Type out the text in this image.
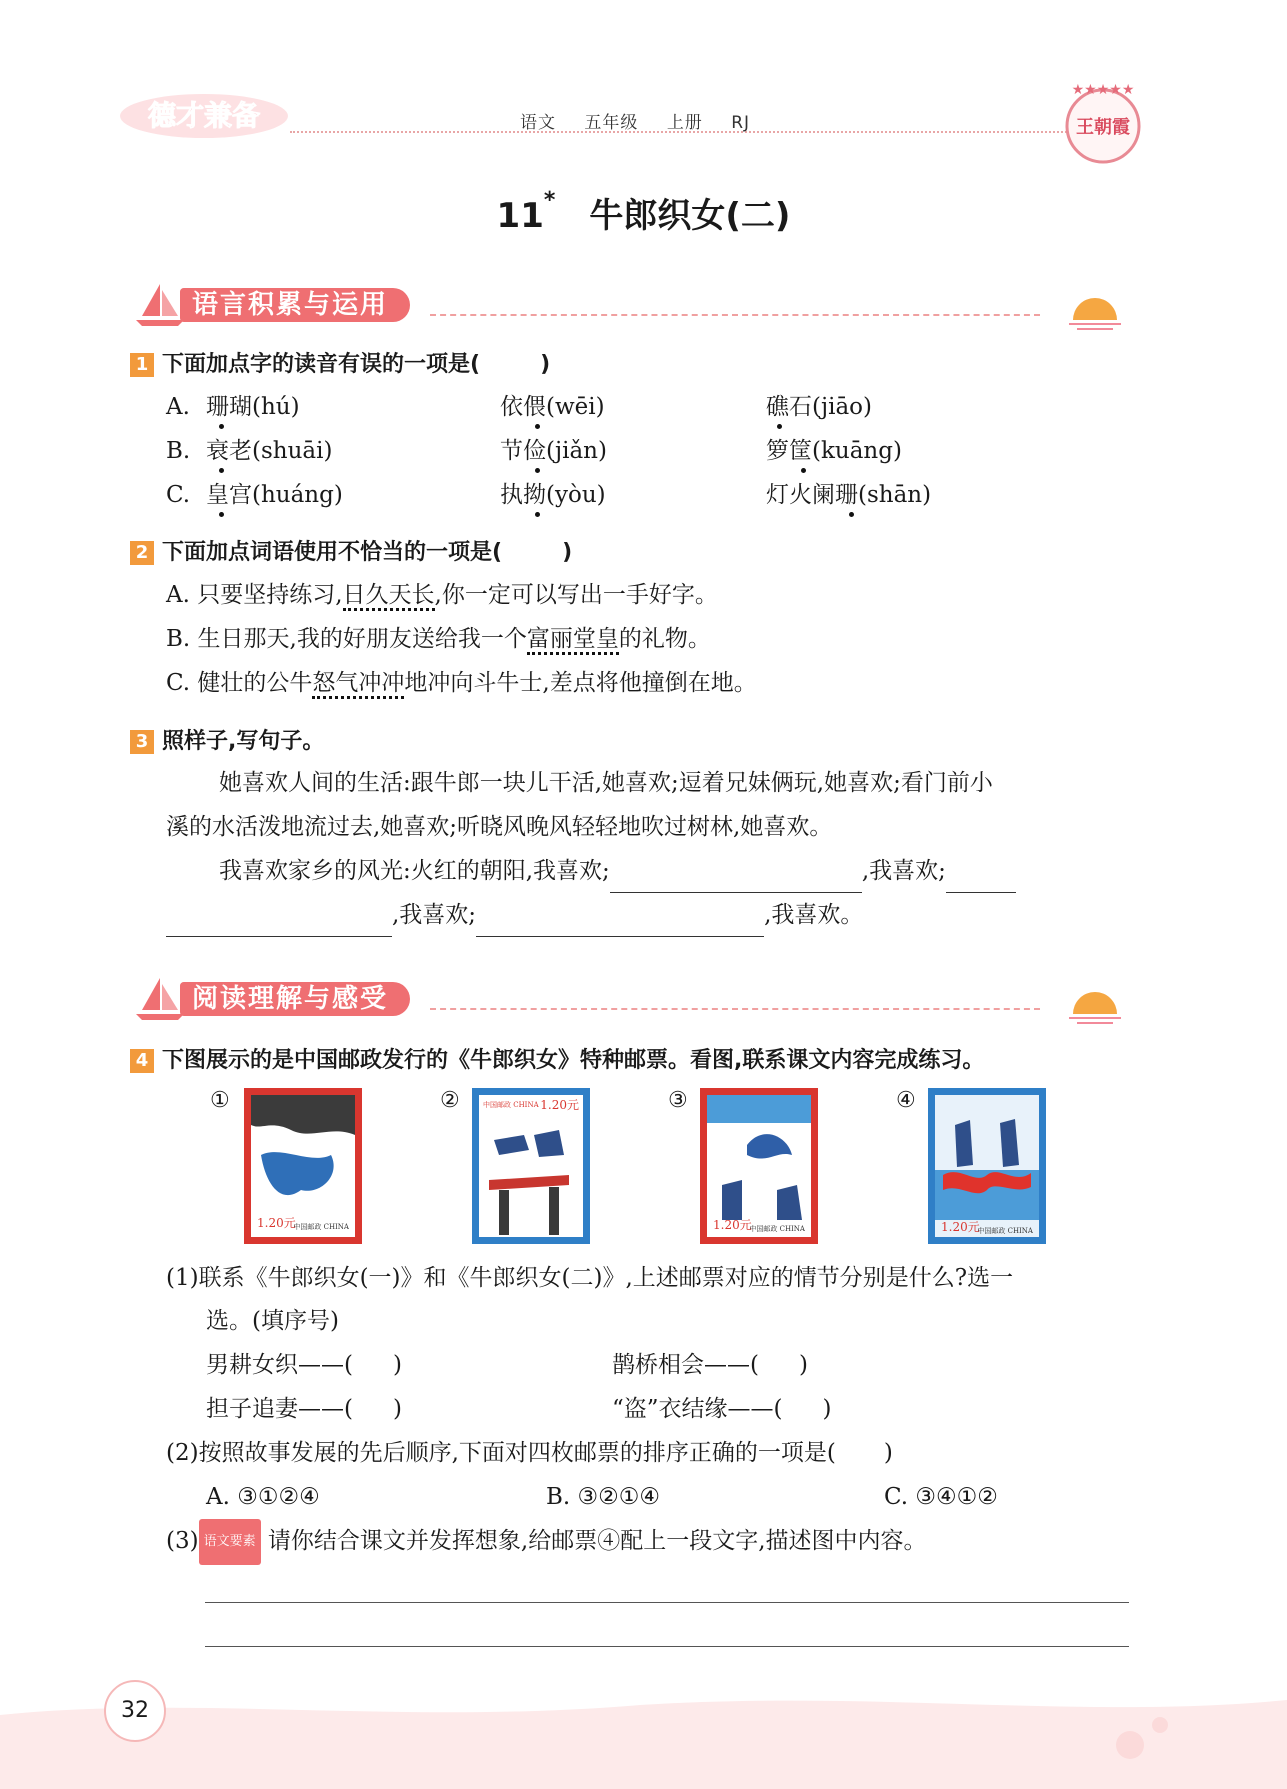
德才兼备	语文 五年级 上册 RJ
★★★★★
王朝霞
11* 牛郎织女(二)
语言积累与运用
1 下面加点字的读音有误的一项是(	)
A. 珊瑚(hú)	依偎(wēi)	礁石(jiāo)
B. 衰老(shuāi)	节俭(jiǎn)	箩筐(kuāng)
C. 皇宫(huáng)	执拗(yòu)	灯火阑珊(shān)
2 下面加点词语使用不恰当的一项是(	)
A. 只要坚持练习,日久天长,你一定可以写出一手好字。
B. 生日那天,我的好朋友送给我一个富丽堂皇的礼物。
C. 健壮的公牛怒气冲冲地冲向斗牛士,差点将他撞倒在地。
3 照样子,写句子。
她喜欢人间的生活:跟牛郎一块儿干活,她喜欢;逗着兄妹俩玩,她喜欢;看门前小
溪的水活泼地流过去,她喜欢;听晓风晚风轻轻地吹过树林,她喜欢。
我喜欢家乡的风光:火红的朝阳,我喜欢;	,我喜欢;
,我喜欢;	,我喜欢。
阅读理解与感受
4 下图展示的是中国邮政发行的《牛郎织女》特种邮票。看图,联系课文内容完成练习。
①
1.20元
中国邮政 CHINA
②	中国邮政 CHINA 1.20元	③
1.20元
中国邮政 CHINA
④
1.20元
中国邮政 CHINA
(1)联系《牛郎织女(一)》和《牛郎织女(二)》,上述邮票对应的情节分别是什么?选一
选。(填序号)
男耕女织——( )	鹊桥相会——( )
担子追妻——( )	“盗”衣结缘——( )
(2)按照故事发展的先后顺序,下面对四枚邮票的排序正确的一项是( )
A. ③①②④	B. ③②①④	C. ③④①②
(3) 语文要素 请你结合课文并发挥想象,给邮票④配上一段文字,描述图中内容。
32
